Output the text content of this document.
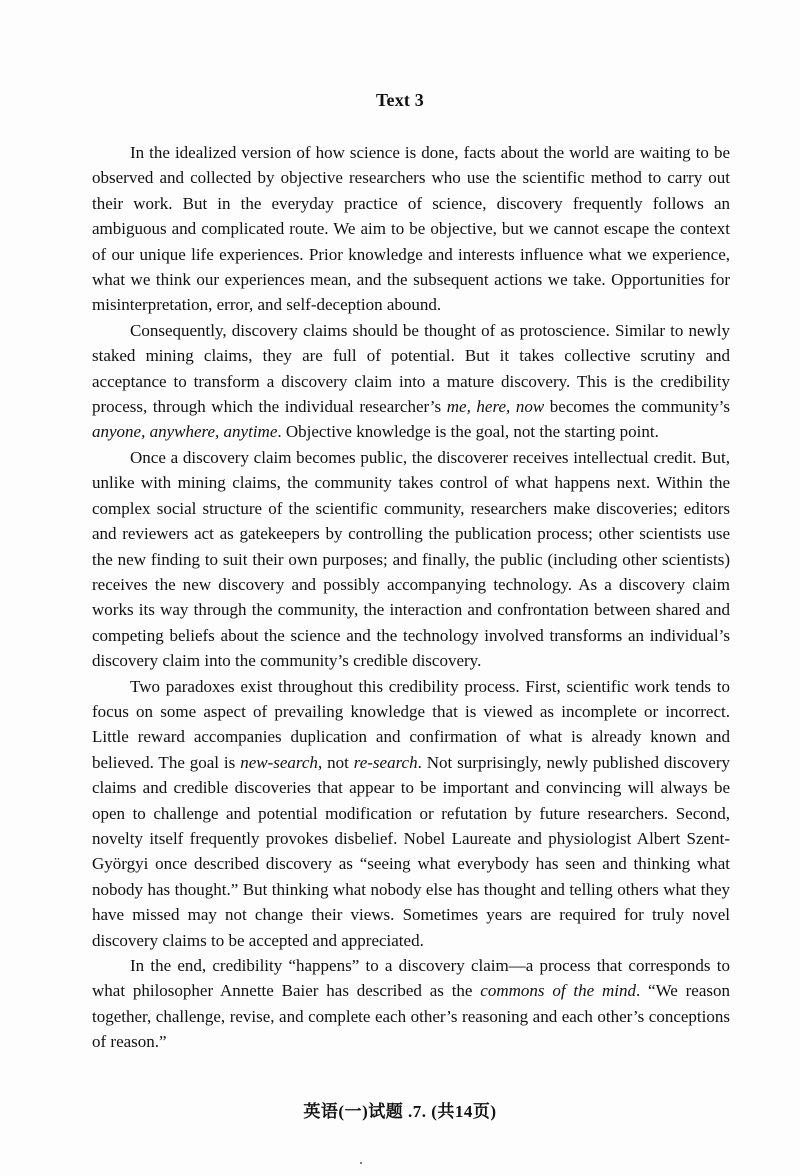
Text 3

In the idealized version of how science is done, facts about the world are waiting to be observed and collected by objective researchers who use the scientific method to carry out their work. But in the everyday practice of science, discovery frequently follows an ambiguous and complicated route. We aim to be objective, but we cannot escape the context of our unique life experiences. Prior knowledge and interests influence what we experience, what we think our experiences mean, and the subsequent actions we take. Opportunities for misinterpretation, error, and self-deception abound.

Consequently, discovery claims should be thought of as protoscience. Similar to newly staked mining claims, they are full of potential. But it takes collective scrutiny and acceptance to transform a discovery claim into a mature discovery. This is the credibility process, through which the individual researcher’s me, here, now becomes the community’s anyone, anywhere, anytime. Objective knowledge is the goal, not the starting point.

Once a discovery claim becomes public, the discoverer receives intellectual credit. But, unlike with mining claims, the community takes control of what happens next. Within the complex social structure of the scientific community, researchers make discoveries; editors and reviewers act as gatekeepers by controlling the publication process; other scientists use the new finding to suit their own purposes; and finally, the public (including other scientists) receives the new discovery and possibly accompanying technology. As a discovery claim works its way through the community, the interaction and confrontation between shared and competing beliefs about the science and the technology involved transforms an individual’s discovery claim into the community’s credible discovery.

Two paradoxes exist throughout this credibility process. First, scientific work tends to focus on some aspect of prevailing knowledge that is viewed as incomplete or incorrect. Little reward accompanies duplication and confirmation of what is already known and believed. The goal is new-search, not re-search. Not surprisingly, newly published discovery claims and credible discoveries that appear to be important and convincing will always be open to challenge and potential modification or refutation by future researchers. Second, novelty itself frequently provokes disbelief. Nobel Laureate and physiologist Albert Szent-Györgyi once described discovery as “seeing what everybody has seen and thinking what nobody has thought.” But thinking what nobody else has thought and telling others what they have missed may not change their views. Sometimes years are required for truly novel discovery claims to be accepted and appreciated.

In the end, credibility “happens” to a discovery claim—a process that corresponds to what philosopher Annette Baier has described as the commons of the mind. “We reason together, challenge, revise, and complete each other’s reasoning and each other’s conceptions of reason.”

英语(一)试题 .7. (共14页)
